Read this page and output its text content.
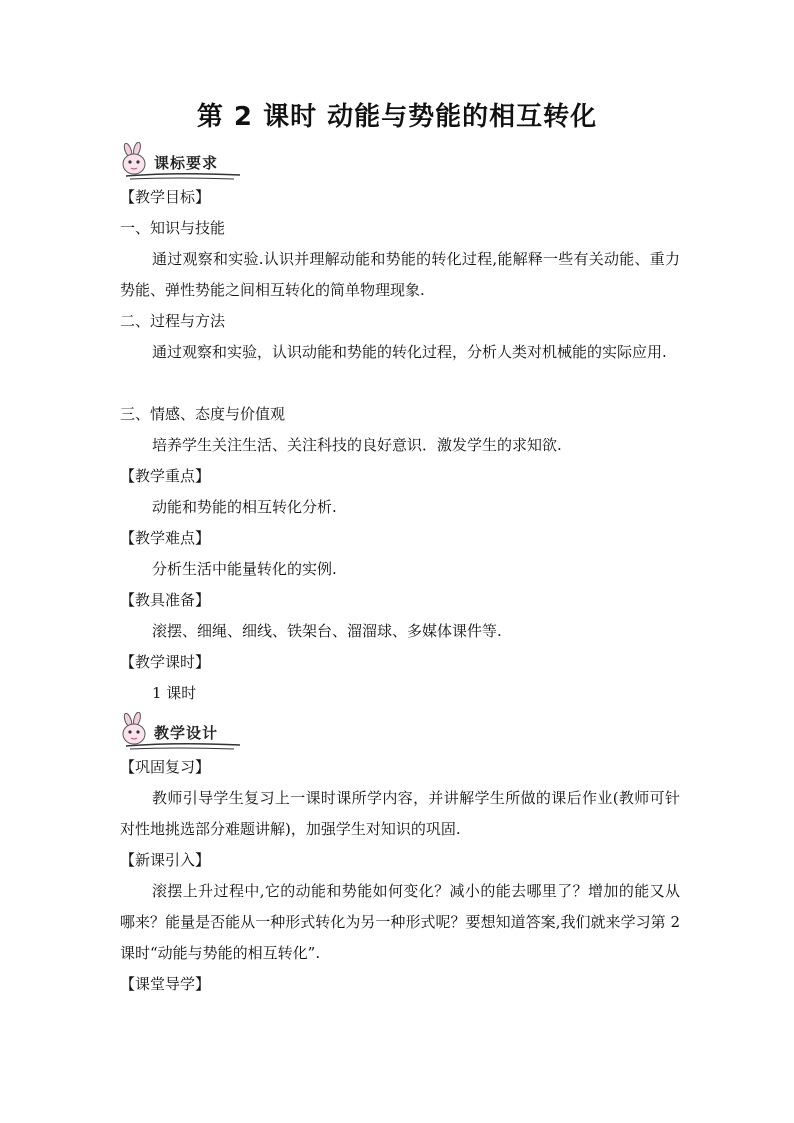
第 2 课时 动能与势能的相互转化
课标要求

【教学目标】

一、知识与技能

通过观察和实验.认识并理解动能和势能的转化过程,能解释一些有关动能、重力势能、弹性势能之间相互转化的简单物理现象.

二、过程与方法

通过观察和实验，认识动能和势能的转化过程，分析人类对机械能的实际应用.

三、情感、态度与价值观

培养学生关注生活、关注科技的良好意识．激发学生的求知欲.

【教学重点】

动能和势能的相互转化分析.

【教学难点】

分析生活中能量转化的实例.

【教具准备】

滚摆、细绳、细线、铁架台、溜溜球、多媒体课件等.

【教学课时】

1 课时

教学设计

【巩固复习】

教师引导学生复习上一课时课所学内容，并讲解学生所做的课后作业(教师可针对性地挑选部分难题讲解)，加强学生对知识的巩固.

【新课引入】

滚摆上升过程中,它的动能和势能如何变化？减小的能去哪里了？增加的能又从哪来？能量是否能从一种形式转化为另一种形式呢？要想知道答案,我们就来学习第 2 课时“动能与势能的相互转化”.

【课堂导学】
